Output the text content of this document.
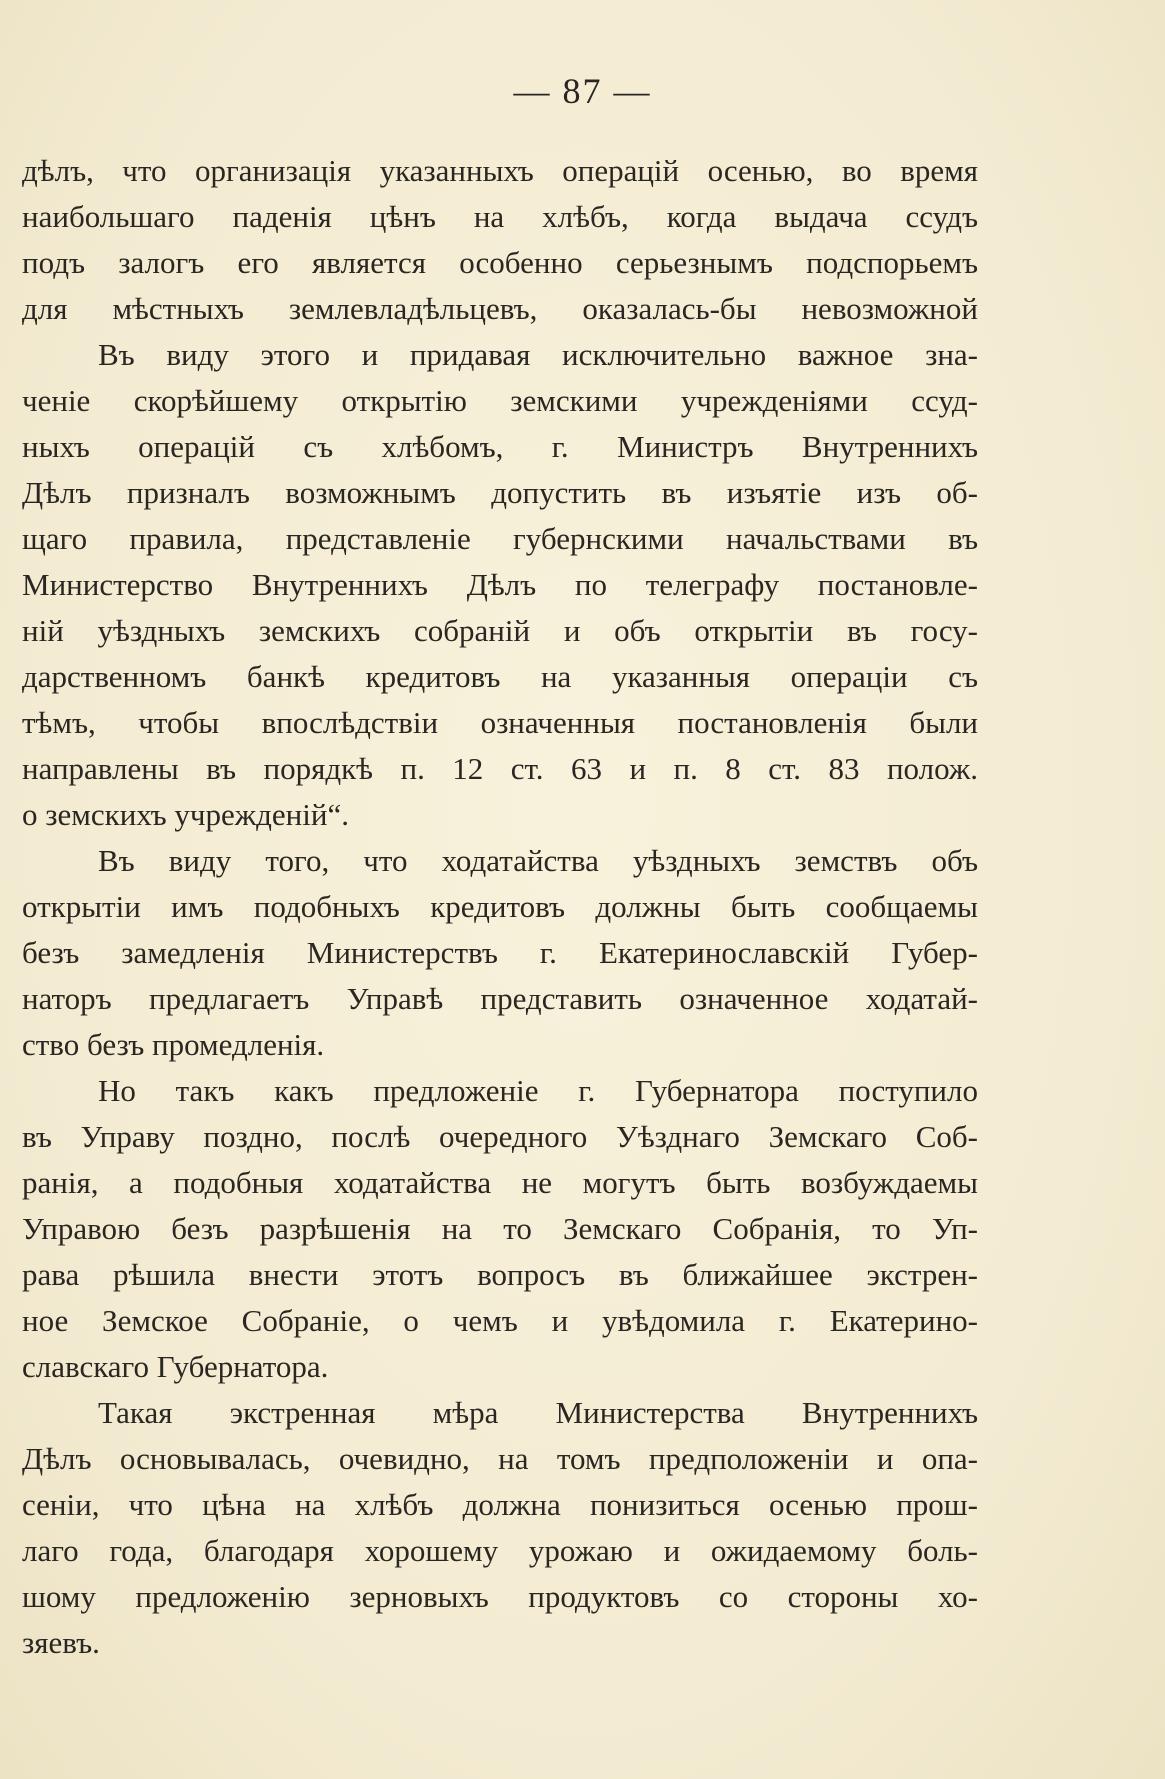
— 87 —
дѣлъ, что организація указанныхъ операцій осенью, во время
наибольшаго паденія цѣнъ на хлѣбъ, когда выдача ссудъ
подъ залогъ его является особенно серьезнымъ подспорьемъ
для мѣстныхъ землевладѣльцевъ, оказалась-бы невозможной
Въ виду этого и придавая исключительно важное зна-
ченіе скорѣйшему открытію земскими учрежденіями ссуд-
ныхъ операцій съ хлѣбомъ, г. Министръ Внутреннихъ
Дѣлъ призналъ возможнымъ допустить въ изъятіе изъ об-
щаго правила, представленіе губернскими начальствами въ
Министерство Внутреннихъ Дѣлъ по телеграфу постановле-
ній уѣздныхъ земскихъ собраній и объ открытіи въ госу-
дарственномъ банкѣ кредитовъ на указанныя операціи съ
тѣмъ, чтобы впослѣдствіи означенныя постановленія были
направлены въ порядкѣ п. 12 ст. 63 и п. 8 ст. 83 полож.
о земскихъ учрежденій“.
Въ виду того, что ходатайства уѣздныхъ земствъ объ
открытіи имъ подобныхъ кредитовъ должны быть сообщаемы
безъ замедленія Министерствъ г. Екатеринославскій Губер-
наторъ предлагаетъ Управѣ представить означенное ходатай-
ство безъ промедленія.
Но такъ какъ предложеніе г. Губернатора поступило
въ Управу поздно, послѣ очередного Уѣзднаго Земскаго Соб-
ранія, а подобныя ходатайства не могутъ быть возбуждаемы
Управою безъ разрѣшенія на то Земскаго Собранія, то Уп-
рава рѣшила внести этотъ вопросъ въ ближайшее экстрен-
ное Земское Собраніе, о чемъ и увѣдомила г. Екатерино-
славскаго Губернатора.
Такая экстренная мѣра Министерства Внутреннихъ
Дѣлъ основывалась, очевидно, на томъ предположеніи и опа-
сеніи, что цѣна на хлѣбъ должна понизиться осенью прош-
лаго года, благодаря хорошему урожаю и ожидаемому боль-
шому предложенію зерновыхъ продуктовъ со стороны хо-
зяевъ.
